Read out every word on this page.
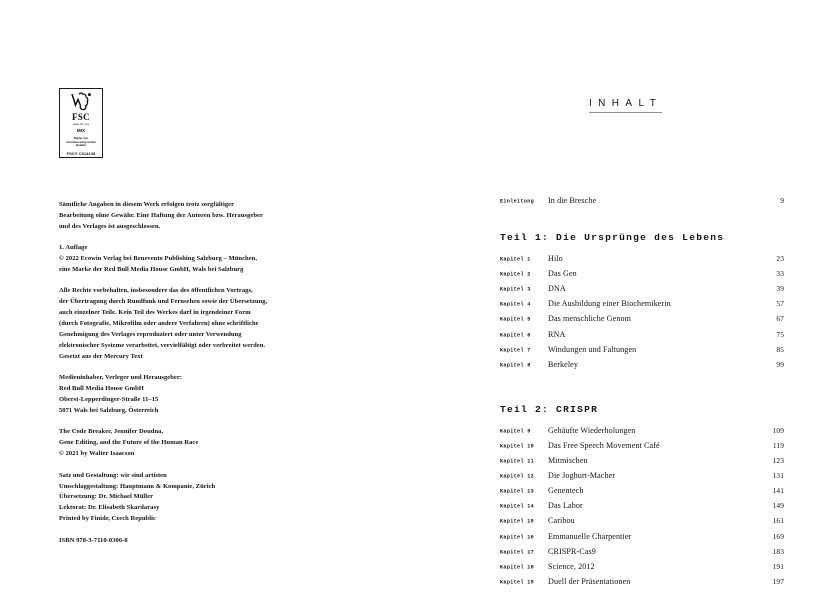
FSC
www.fsc.org
MIX
Papier aus verantwortungsvollen Quellen
FSC® C014138

Sämtliche Angaben in diesem Werk erfolgen trotz sorgfältiger
Bearbeitung ohne Gewähr. Eine Haftung der Autoren bzw. Herausgeber
und des Verlages ist ausgeschlossen.

1. Auflage
© 2022 Ecowin Verlag bei Benevento Publishing Salzburg – München,
eine Marke der Red Bull Media House GmbH, Wals bei Salzburg

Alle Rechte vorbehalten, insbesondere das des öffentlichen Vortrags,
der Übertragung durch Rundfunk und Fernsehen sowie der Übersetzung,
auch einzelner Teile. Kein Teil des Werkes darf in irgendeiner Form
(durch Fotografie, Mikrofilm oder andere Verfahren) ohne schriftliche
Genehmigung des Verlages reproduziert oder unter Verwendung
elektronischer Systeme verarbeitet, vervielfältigt oder verbreitet werden.
Gesetzt aus der Mercury Text

Medieninhaber, Verleger und Herausgeber:
Red Bull Media House GmbH
Oberst-Lepperdinger-Straße 11–15
5071 Wals bei Salzburg, Österreich

The Code Breaker, Jennifer Doudna,
Gene Editing, and the Future of the Human Race
© 2021 by Walter Isaacson

Satz und Gestaltung: wir sind artisten
Umschlaggestaltung: Hauptmann & Kompanie, Zürich
Übersetzung: Dr. Michael Müller
Lektorat: Dr. Elisabeth Skardarasy
Printed by Finidr, Czech Republic

ISBN 978-3-7110-0306-8

INHALT
Einleitung	In die Bresche	9
Teil 1: Die Ursprünge des Lebens
Kapitel 1	Hilo	23
Kapitel 2	Das Gen	33
Kapitel 3	DNA	39
Kapitel 4	Die Ausbildung einer Biochemikerin	57
Kapitel 5	Das menschliche Genom	67
Kapitel 6	RNA	75
Kapitel 7	Windungen und Faltungen	85
Kapitel 8	Berkeley	99
Teil 2: CRISPR
Kapitel 9	Gehäufte Wiederholungen	109
Kapitel 10	Das Free Speech Movement Café	119
Kapitel 11	Mitmischen	123
Kapitel 12	Die Joghurt-Macher	131
Kapitel 13	Genentech	141
Kapitel 14	Das Labor	149
Kapitel 15	Caribou	161
Kapitel 16	Emmanuelle Charpentier	169
Kapitel 17	CRISPR-Cas9	183
Kapitel 18	Science, 2012	191
Kapitel 19	Duell der Präsentationen	197
